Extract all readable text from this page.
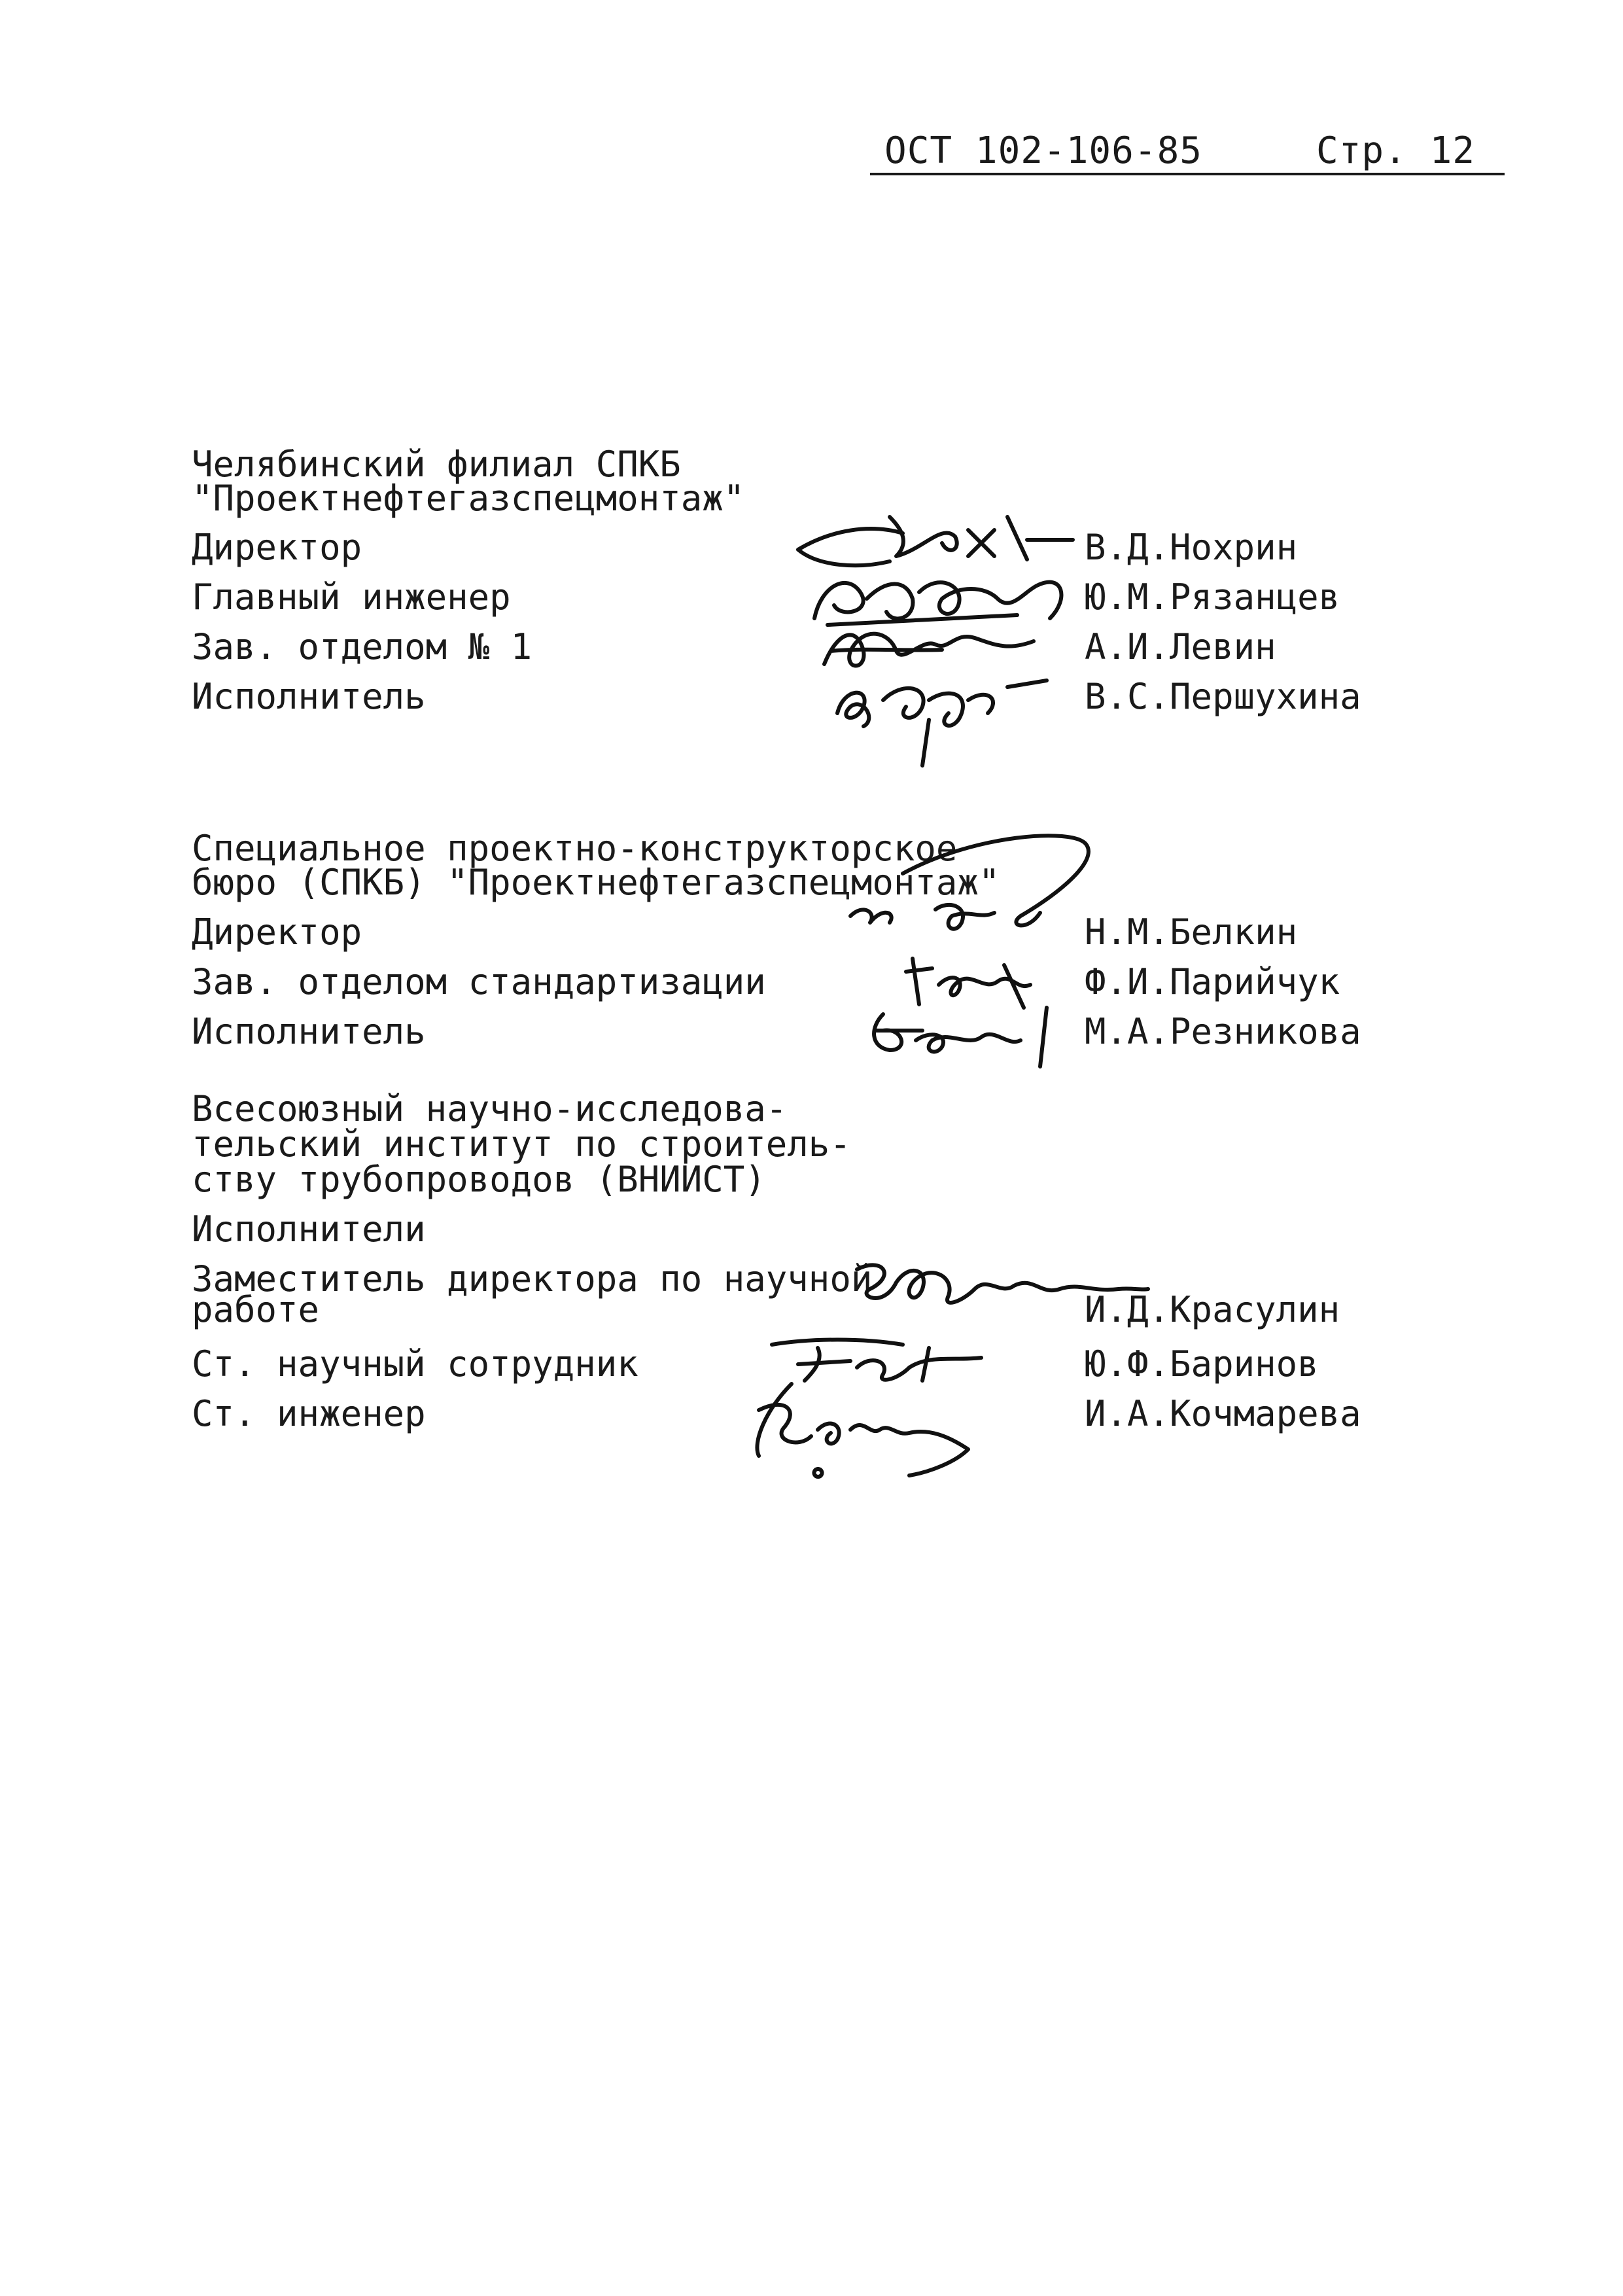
ОСТ 102-106-85	Стр. 12
Челябинский филиал СПКБ
"Проектнефтегазспецмонтаж"
Директор	В.Д.Нохрин
Главный инженер	Ю.М.Рязанцев
Зав. отделом № 1	А.И.Левин
Исполнитель	В.С.Першухина
Специальное проектно-конструкторское
бюро (СПКБ) "Проектнефтегазспецмонтаж"
Директор	Н.М.Белкин
Зав. отделом стандартизации	Ф.И.Парийчук
Исполнитель	М.А.Резникова
Всесоюзный научно-исследова-
тельский институт по строитель-
ству трубопроводов (ВНИИСТ)
Исполнители
Заместитель директора по научной
работе	И.Д.Красулин
Ст. научный сотрудник	Ю.Ф.Баринов
Ст. инженер	И.А.Кочмарева
